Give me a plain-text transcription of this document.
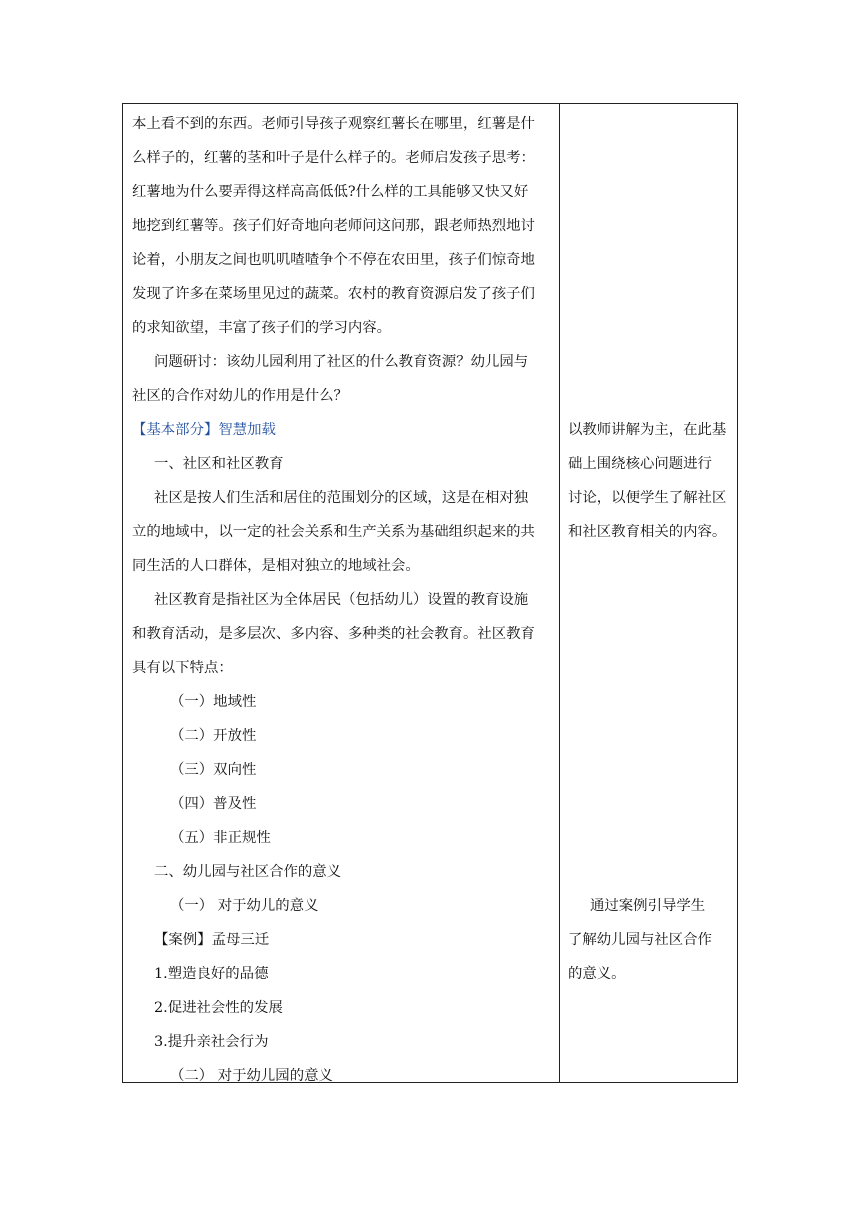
本上看不到的东西。老师引导孩子观察红薯长在哪里，红薯是什
么样子的，红薯的茎和叶子是什么样子的。老师启发孩子思考：
红薯地为什么要弄得这样高高低低?什么样的工具能够又快又好
地挖到红薯等。孩子们好奇地向老师问这问那，跟老师热烈地讨
论着，小朋友之间也叽叽喳喳争个不停在农田里，孩子们惊奇地
发现了许多在菜场里见过的蔬菜。农村的教育资源启发了孩子们
的求知欲望，丰富了孩子们的学习内容。
问题研讨：该幼儿园利用了社区的什么教育资源？幼儿园与
社区的合作对幼儿的作用是什么？
【基本部分】智慧加载
一、社区和社区教育
社区是按人们生活和居住的范围划分的区域，这是在相对独
立的地域中，以一定的社会关系和生产关系为基础组织起来的共
同生活的人口群体，是相对独立的地域社会。
社区教育是指社区为全体居民（包括幼儿）设置的教育设施
和教育活动，是多层次、多内容、多种类的社会教育。社区教育
具有以下特点：
（一）地域性
（二）开放性
（三）双向性
（四）普及性
（五）非正规性
二、幼儿园与社区合作的意义
（一） 对于幼儿的意义
【案例】孟母三迁
1.塑造良好的品德
2.促进社会性的发展
3.提升亲社会行为
（二） 对于幼儿园的意义
以教师讲解为主，在此基
础上围绕核心问题进行
讨论，以便学生了解社区
和社区教育相关的内容。
通过案例引导学生
了解幼儿园与社区合作
的意义。
